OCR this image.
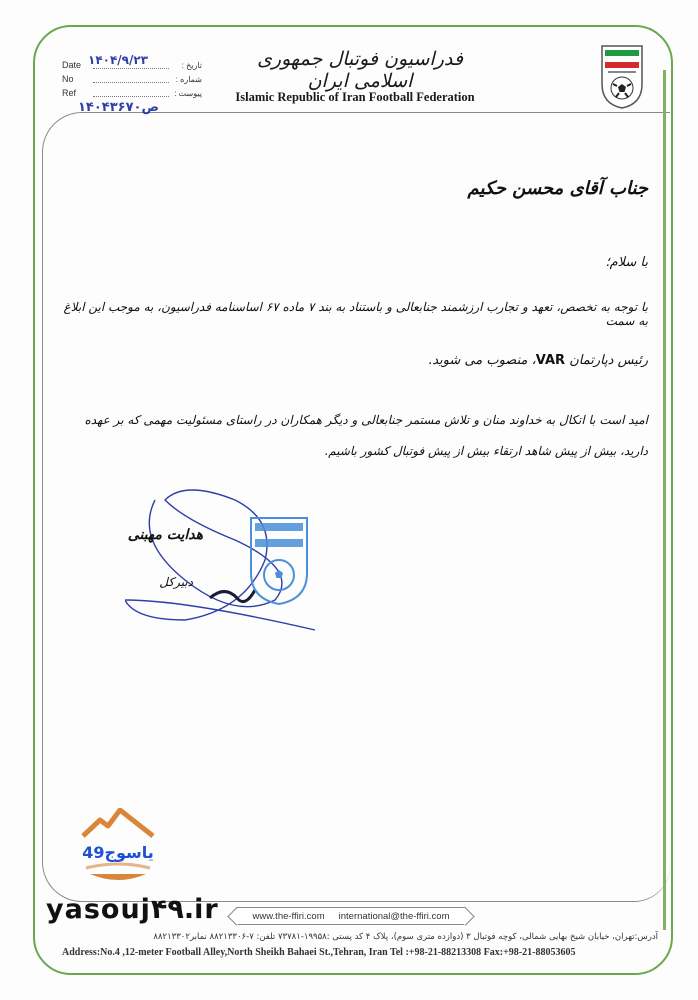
Date	تاریخ :
۱۴۰۴/۹/۲۳
No	شماره :
Ref	پیوست :
۱۴۰۴ص۳۶۷۰
فدراسیون فوتبال جمهوری اسلامی ایران
Islamic Republic of Iran Football Federation
جناب آقای محسن حکیم
با سلام؛
با توجه به تخصص، تعهد و تجارب ارزشمند جنابعالی و باستناد به بند ۷ ماده ۶۷ اساسنامه فدراسیون، به موجب این ابلاغ به سمت
رئیس دپارتمان VAR، منصوب می شوید.
امید است با اتکال به خداوند منان و تلاش مستمر جنابعالی و دیگر همکاران در راستای مسئولیت مهمی که بر عهده دارید، بیش از پیش شاهد ارتقاء بیش از پیش فوتبال کشور باشیم.
هدایت مهبنی
دبیرکل
یاسوج49
yasouj۴۹.ir	www.the-ffiri.com international@the-ffiri.com
آدرس:تهران، خیابان شیخ بهایی شمالی، کوچه فوتبال ۳ (دوازده متری سوم)، پلاک ۴ کد پستی :۱۹۹۵۸-۷۳۷۸۱ تلفن: ۷-۸۸۲۱۳۳۰۶ نمابر۸۸۲۱۳۳۰۲
Address:No.4 ,12-meter Football Alley,North Sheikh Bahaei St.,Tehran, Iran Tel :+98-21-88213308 Fax:+98-21-88053605
